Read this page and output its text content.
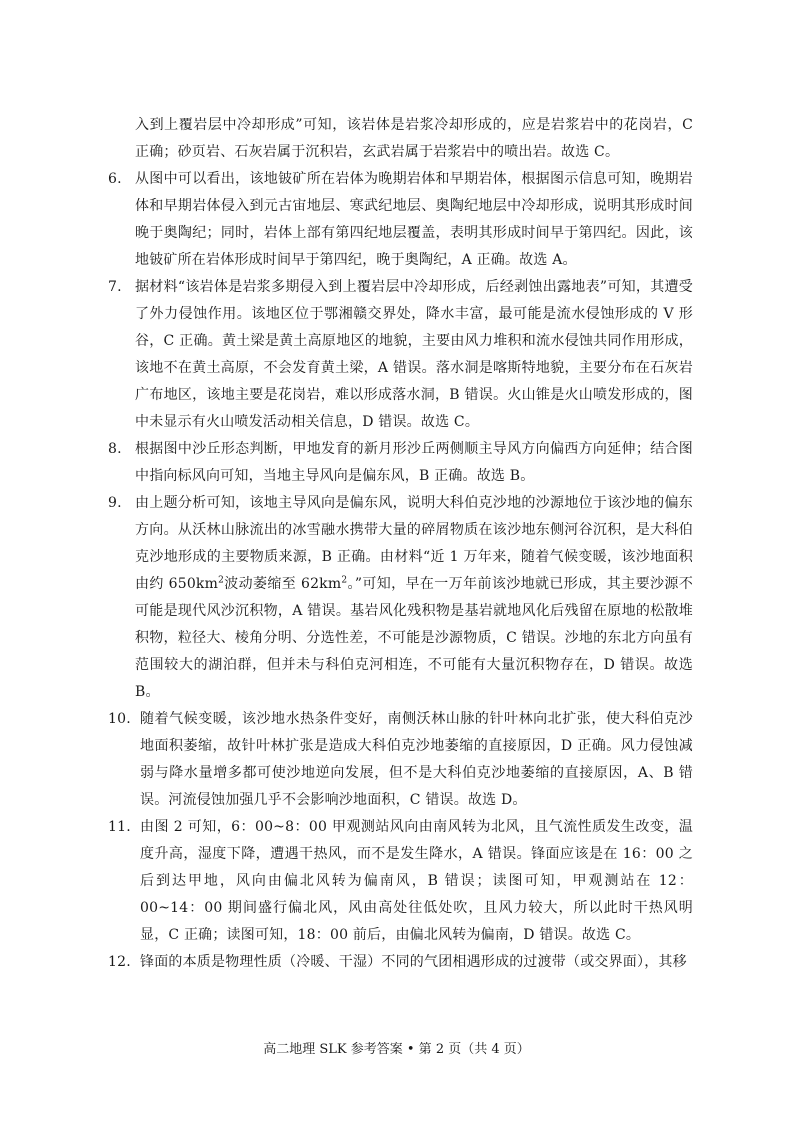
入到上覆岩层中冷却形成”可知，该岩体是岩浆冷却形成的，应是岩浆岩中的花岗岩，C 正确；砂页岩、石灰岩属于沉积岩，玄武岩属于岩浆岩中的喷出岩。故选 C。

6. 从图中可以看出，该地铍矿所在岩体为晚期岩体和早期岩体，根据图示信息可知，晚期岩体和早期岩体侵入到元古宙地层、寒武纪地层、奥陶纪地层中冷却形成，说明其形成时间晚于奥陶纪；同时，岩体上部有第四纪地层覆盖，表明其形成时间早于第四纪。因此，该地铍矿所在岩体形成时间早于第四纪，晚于奥陶纪，A 正确。故选 A。

7. 据材料“该岩体是岩浆多期侵入到上覆岩层中冷却形成，后经剥蚀出露地表”可知，其遭受了外力侵蚀作用。该地区位于鄂湘赣交界处，降水丰富，最可能是流水侵蚀形成的 V 形谷，C 正确。黄土梁是黄土高原地区的地貌，主要由风力堆积和流水侵蚀共同作用形成，该地不在黄土高原，不会发育黄土梁，A 错误。落水洞是喀斯特地貌，主要分布在石灰岩广布地区，该地主要是花岗岩，难以形成落水洞，B 错误。火山锥是火山喷发形成的，图中未显示有火山喷发活动相关信息，D 错误。故选 C。

8. 根据图中沙丘形态判断，甲地发育的新月形沙丘两侧顺主导风方向偏西方向延伸；结合图中指向标风向可知，当地主导风向是偏东风，B 正确。故选 B。

9. 由上题分析可知，该地主导风向是偏东风，说明大科伯克沙地的沙源地位于该沙地的偏东方向。从沃林山脉流出的冰雪融水携带大量的碎屑物质在该沙地东侧河谷沉积，是大科伯克沙地形成的主要物质来源，B 正确。由材料“近 1 万年来，随着气候变暖，该沙地面积由约 $650km^2$波动萎缩至 $62km^2$。”可知，早在一万年前该沙地就已形成，其主要沙源不可能是现代风沙沉积物，A 错误。基岩风化残积物是基岩就地风化后残留在原地的松散堆积物，粒径大、棱角分明、分选性差，不可能是沙源物质，C 错误。沙地的东北方向虽有范围较大的湖泊群，但并未与科伯克河相连，不可能有大量沉积物存在，D 错误。故选 B。

10. 随着气候变暖，该沙地水热条件变好，南侧沃林山脉的针叶林向北扩张，使大科伯克沙地面积萎缩，故针叶林扩张是造成大科伯克沙地萎缩的直接原因，D 正确。风力侵蚀减弱与降水量增多都可使沙地逆向发展，但不是大科伯克沙地萎缩的直接原因，A、B 错误。河流侵蚀加强几乎不会影响沙地面积，C 错误。故选 D。

11. 由图 2 可知，6：00~8：00 甲观测站风向由南风转为北风，且气流性质发生改变，温度升高，湿度下降，遭遇干热风，而不是发生降水，A 错误。锋面应该是在 16：00 之后到达甲地，风向由偏北风转为偏南风，B 错误；读图可知，甲观测站在 12：00~14：00 期间盛行偏北风，风由高处往低处吹，且风力较大，所以此时干热风明显，C 正确；读图可知，18：00 前后，由偏北风转为偏南，D 错误。故选 C。

12. 锋面的本质是物理性质（冷暖、干湿）不同的气团相遇形成的过渡带（或交界面），其移

高二地理 SLK 参考答案 • 第 2 页（共 4 页）
